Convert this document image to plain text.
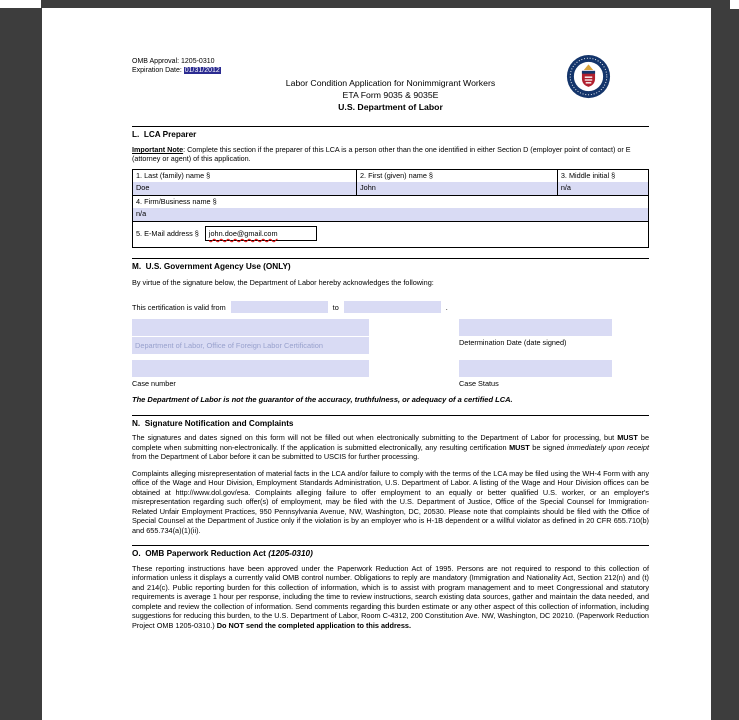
OMB Approval: 1205-0310
Expiration Date: 01/31/2012
Labor Condition Application for Nonimmigrant Workers
ETA Form 9035 & 9035E
U.S. Department of Labor
L.  LCA Preparer
Important Note: Complete this section if the preparer of this LCA is a person other than the one identified in either Section D (employer point of contact) or E (attorney or agent) of this application.
1. Last (family) name §	2. First (given) name §	3. Middle initial §
Doe	John	n/a
4. Firm/Business name §
n/a
5. E-Mail address §	john.doe@gmail.com
M.  U.S. Government Agency Use (ONLY)
By virtue of the signature below, the Department of Labor hereby acknowledges the following:
This certification is valid from	to	.
Department of Labor, Office of Foreign Labor Certification
Case number
Determination Date (date signed)
Case Status
The Department of Labor is not the guarantor of the accuracy, truthfulness, or adequacy of a certified LCA.
N.  Signature Notification and Complaints
The signatures and dates signed on this form will not be filled out when electronically submitting to the Department of Labor for processing, but MUST be complete when submitting non-electronically. If the application is submitted electronically, any resulting certification MUST be signed immediately upon receipt from the Department of Labor before it can be submitted to USCIS for further processing.
Complaints alleging misrepresentation of material facts in the LCA and/or failure to comply with the terms of the LCA may be filed using the WH-4 Form with any office of the Wage and Hour Division, Employment Standards Administration, U.S. Department of Labor. A listing of the Wage and Hour Division offices can be obtained at http://www.dol.gov/esa. Complaints alleging failure to offer employment to an equally or better qualified U.S. worker, or an employer's misrepresentation regarding such offer(s) of employment, may be filed with the U.S. Department of Justice, Office of the Special Counsel for Immigration-Related Unfair Employment Practices, 950 Pennsylvania Avenue, NW, Washington, DC, 20530. Please note that complaints should be filed with the Office of Special Counsel at the Department of Justice only if the violation is by an employer who is H-1B dependent or a willful violator as defined in 20 CFR 655.710(b) and 655.734(a)(1)(ii).
O.  OMB Paperwork Reduction Act (1205-0310)
These reporting instructions have been approved under the Paperwork Reduction Act of 1995. Persons are not required to respond to this collection of information unless it displays a currently valid OMB control number. Obligations to reply are mandatory (Immigration and Nationality Act, Section 212(n) and (t) and 214(c). Public reporting burden for this collection of information, which is to assist with program management and to meet Congressional and statutory requirements is average 1 hour per response, including the time to review instructions, search existing data sources, gather and maintain the data needed, and complete and review the collection of information. Send comments regarding this burden estimate or any other aspect of this collection of information, including suggestions for reducing this burden, to the U.S. Department of Labor, Room C-4312, 200 Constitution Ave. NW, Washington, DC 20210. (Paperwork Reduction Project OMB 1205-0310.) Do NOT send the completed application to this address.
